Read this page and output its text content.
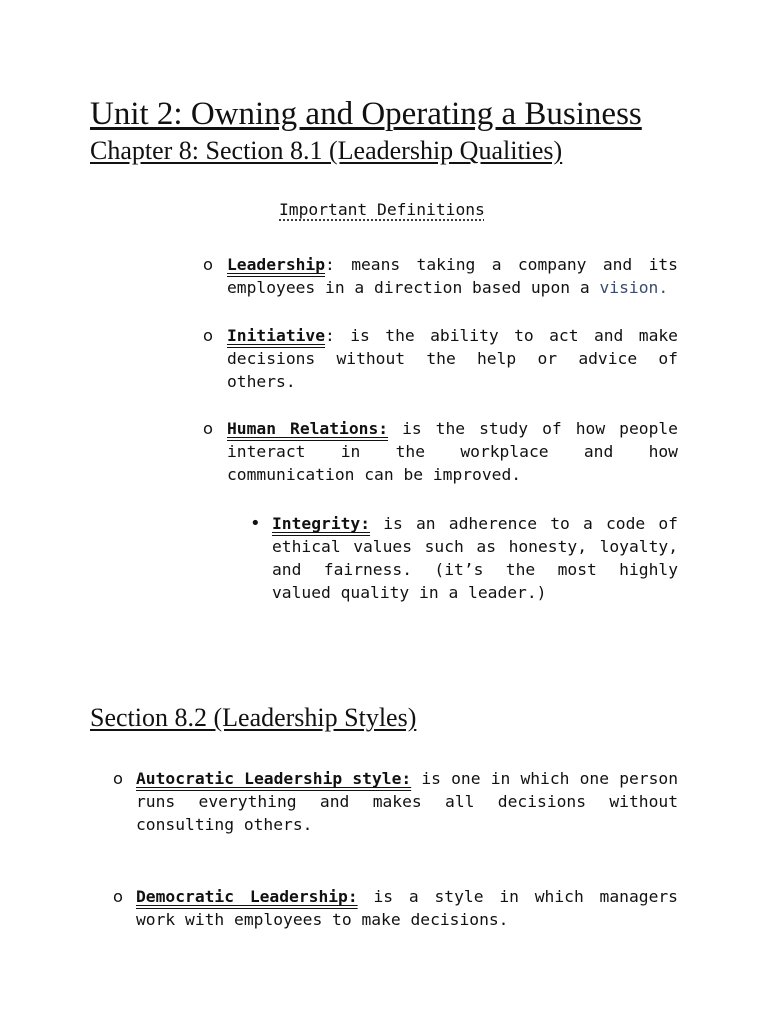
Unit 2: Owning and Operating a Business
Chapter 8: Section 8.1 (Leadership Qualities)
Important Definitions
o Leadership: means taking a company and its employees in a direction based upon a vision.
o Initiative: is the ability to act and make decisions without the help or advice of others.
o Human Relations: is the study of how people interact in the workplace and how communication can be improved.
• Integrity: is an adherence to a code of ethical values such as honesty, loyalty, and fairness. (it’s the most highly valued quality in a leader.)
Section 8.2 (Leadership Styles)
o Autocratic Leadership style: is one in which one person runs everything and makes all decisions without consulting others.
o Democratic Leadership: is a style in which managers work with employees to make decisions.
